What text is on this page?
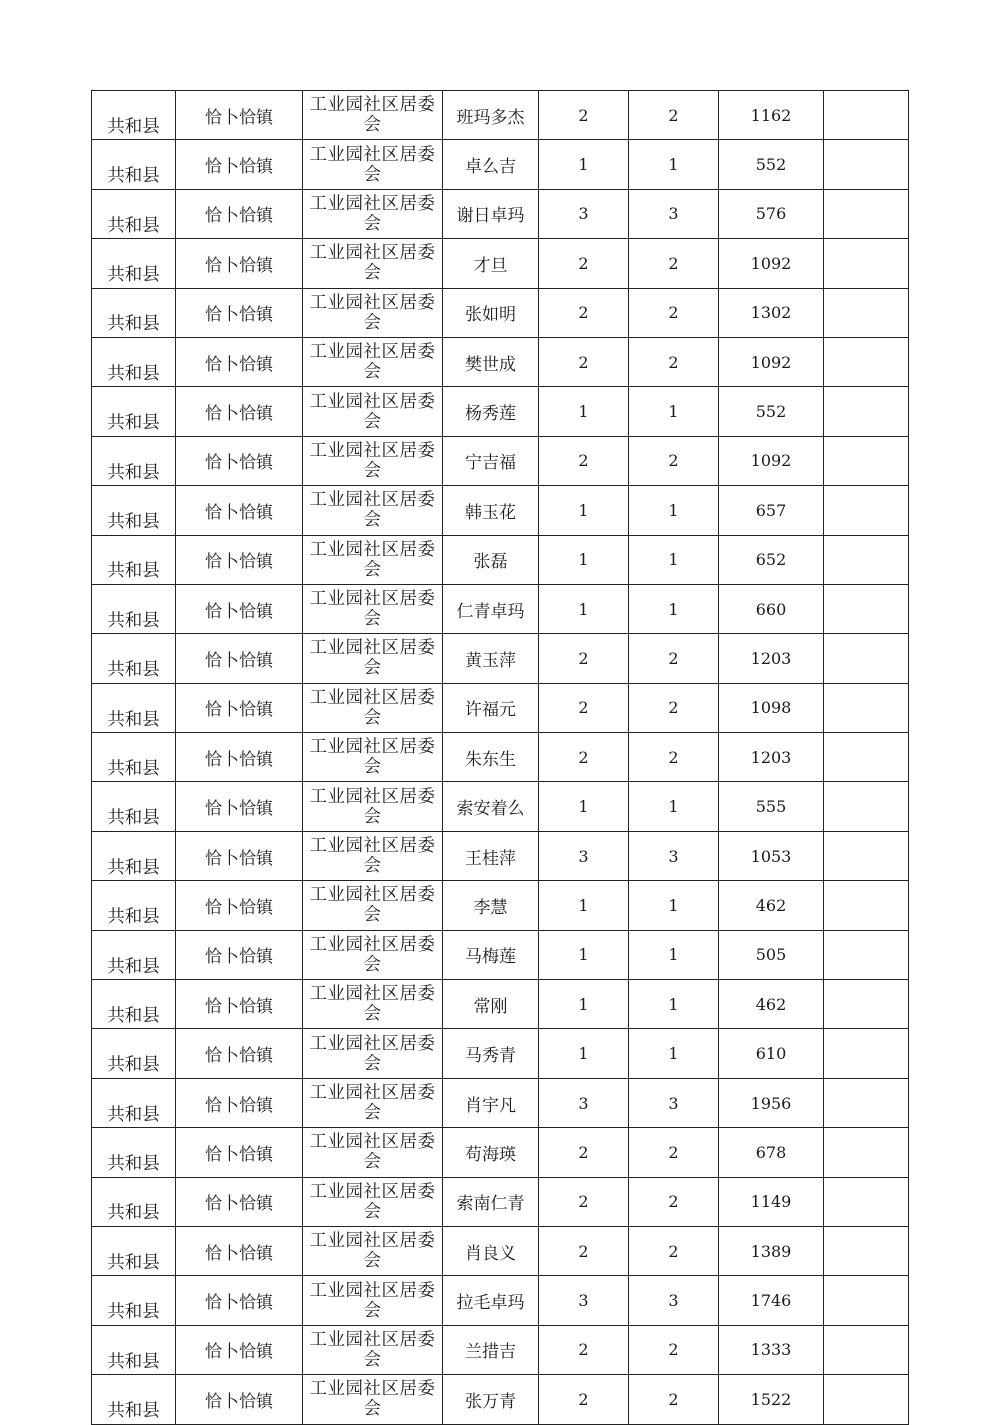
共和县	恰卜恰镇	工业园社区居委会	班玛多杰	2	2	1162	
共和县	恰卜恰镇	工业园社区居委会	卓么吉	1	1	552	
共和县	恰卜恰镇	工业园社区居委会	谢日卓玛	3	3	576	
共和县	恰卜恰镇	工业园社区居委会	才旦	2	2	1092	
共和县	恰卜恰镇	工业园社区居委会	张如明	2	2	1302	
共和县	恰卜恰镇	工业园社区居委会	樊世成	2	2	1092	
共和县	恰卜恰镇	工业园社区居委会	杨秀莲	1	1	552	
共和县	恰卜恰镇	工业园社区居委会	宁吉福	2	2	1092	
共和县	恰卜恰镇	工业园社区居委会	韩玉花	1	1	657	
共和县	恰卜恰镇	工业园社区居委会	张磊	1	1	652	
共和县	恰卜恰镇	工业园社区居委会	仁青卓玛	1	1	660	
共和县	恰卜恰镇	工业园社区居委会	黄玉萍	2	2	1203	
共和县	恰卜恰镇	工业园社区居委会	许福元	2	2	1098	
共和县	恰卜恰镇	工业园社区居委会	朱东生	2	2	1203	
共和县	恰卜恰镇	工业园社区居委会	索安着么	1	1	555	
共和县	恰卜恰镇	工业园社区居委会	王桂萍	3	3	1053	
共和县	恰卜恰镇	工业园社区居委会	李慧	1	1	462	
共和县	恰卜恰镇	工业园社区居委会	马梅莲	1	1	505	
共和县	恰卜恰镇	工业园社区居委会	常刚	1	1	462	
共和县	恰卜恰镇	工业园社区居委会	马秀青	1	1	610	
共和县	恰卜恰镇	工业园社区居委会	肖宇凡	3	3	1956	
共和县	恰卜恰镇	工业园社区居委会	苟海瑛	2	2	678	
共和县	恰卜恰镇	工业园社区居委会	索南仁青	2	2	1149	
共和县	恰卜恰镇	工业园社区居委会	肖良义	2	2	1389	
共和县	恰卜恰镇	工业园社区居委会	拉毛卓玛	3	3	1746	
共和县	恰卜恰镇	工业园社区居委会	兰措吉	2	2	1333	
共和县	恰卜恰镇	工业园社区居委会	张万青	2	2	1522	
